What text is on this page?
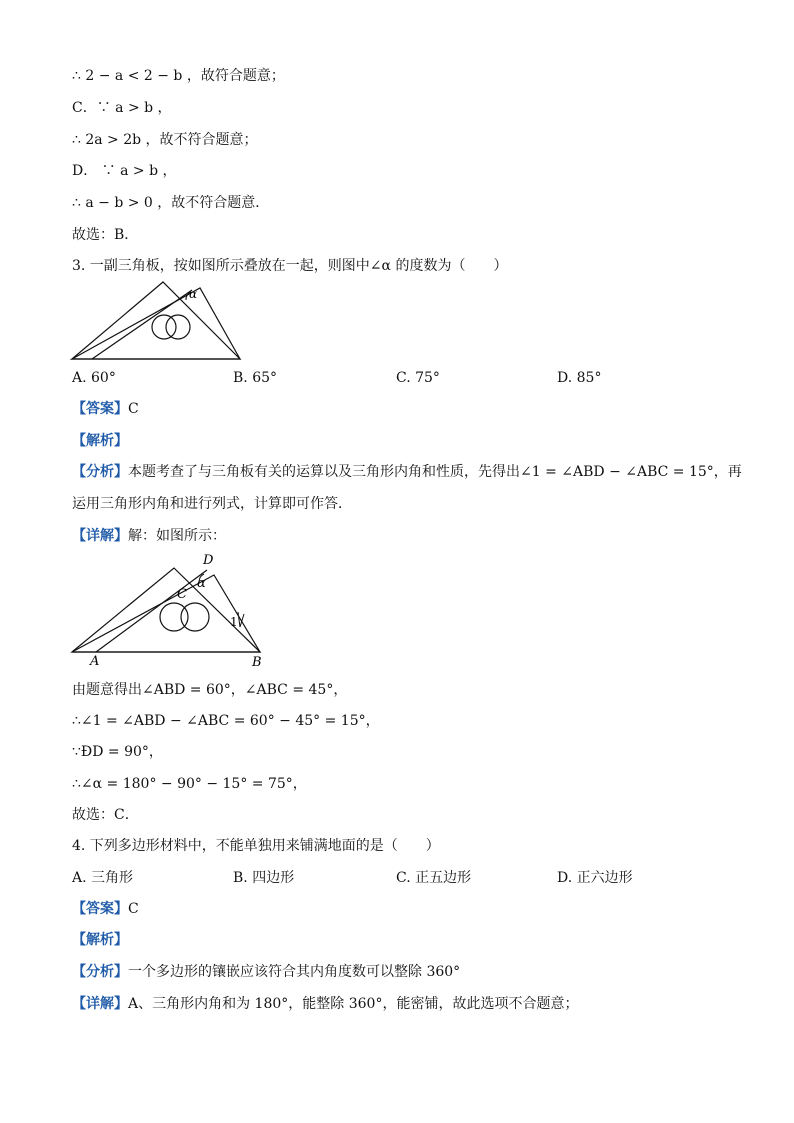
∴ 2 − a < 2 − b ，故符合题意；
C．∵ a > b ，
∴ 2a > 2b ，故不符合题意；
D． ∵ a > b ，
∴ a − b > 0 ，故不符合题意．
故选：B．
3. 一副三角板，按如图所示叠放在一起，则图中∠α 的度数为（　　）
α
A. 60°	B. 65°	C. 75°	D. 85°
【答案】C
【解析】
【分析】本题考查了与三角板有关的运算以及三角形内角和性质，先得出∠1 = ∠ABD − ∠ABC = 15°，再
运用三角形内角和进行列式，计算即可作答．
【详解】解：如图所示：
D
α
C
1
A	B
由题意得出∠ABD = 60°，∠ABC = 45°，
∴∠1 = ∠ABD − ∠ABC = 60° − 45° = 15°，
∵ÐD = 90°，
∴∠α = 180° − 90° − 15° = 75°，
故选：C．
4. 下列多边形材料中，不能单独用来铺满地面的是（　　）
A. 三角形	B. 四边形	C. 正五边形	D. 正六边形
【答案】C
【解析】
【分析】一个多边形的镶嵌应该符合其内角度数可以整除 360°
【详解】A、三角形内角和为 180°，能整除 360°，能密铺，故此选项不合题意；
